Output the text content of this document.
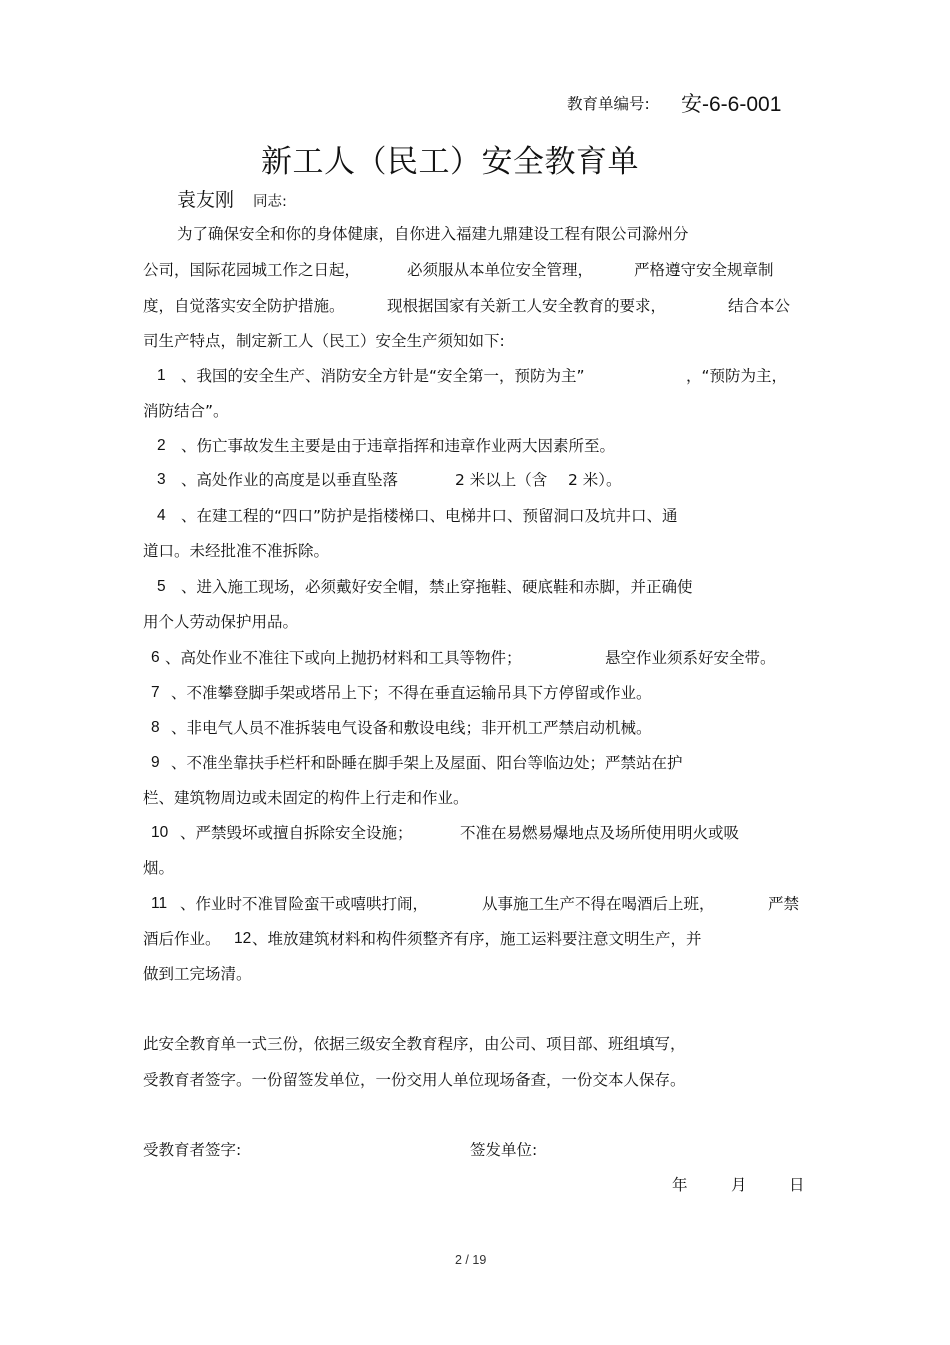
教育单编号: 安-6-6-001
新工人（民工）安全教育单
袁友刚 同志:
为了确保安全和你的身体健康，自你进入福建九鼎建设工程有限公司滁州分
公司，国际花园城工作之日起，	必须服从本单位安全管理，	严格遵守安全规章制
度，自觉落实安全防护措施。	现根据国家有关新工人安全教育的要求，	结合本公
司生产特点，制定新工人（民工）安全生产须知如下:
1 、我国的安全生产、消防安全方针是“安全第一，预防为主”	，“预防为主，
消防结合”。
2 、伤亡事故发生主要是由于违章指挥和违章作业两大因素所至。
3 、高处作业的高度是以垂直坠落	2 米以上（含 2 米）。
4 、在建工程的“四口”防护是指楼梯口、电梯井口、预留洞口及坑井口、通
道口。未经批准不准拆除。
5 、进入施工现场，必须戴好安全帽，禁止穿拖鞋、硬底鞋和赤脚，并正确使
用个人劳动保护用品。
6 、高处作业不准往下或向上抛扔材料和工具等物件；	悬空作业须系好安全带。
7 、不准攀登脚手架或塔吊上下；不得在垂直运输吊具下方停留或作业。
8 、非电气人员不准拆装电气设备和敷设电线；非开机工严禁启动机械。
9 、不准坐靠扶手栏杆和卧睡在脚手架上及屋面、阳台等临边处；严禁站在护
栏、建筑物周边或未固定的构件上行走和作业。
10 、严禁毁坏或擅自拆除安全设施；	不准在易燃易爆地点及场所使用明火或吸
烟。
11 、作业时不准冒险蛮干或嘻哄打闹，	从事施工生产不得在喝酒后上班，	严禁
酒后作业。 12 、堆放建筑材料和构件须整齐有序，施工运料要注意文明生产，并
做到工完场清。
此安全教育单一式三份，依据三级安全教育程序，由公司、项目部、班组填写，
受教育者签字。一份留签发单位，一份交用人单位现场备查，一份交本人保存。
受教育者签字:	签发单位:
年	月	日
2 / 19
